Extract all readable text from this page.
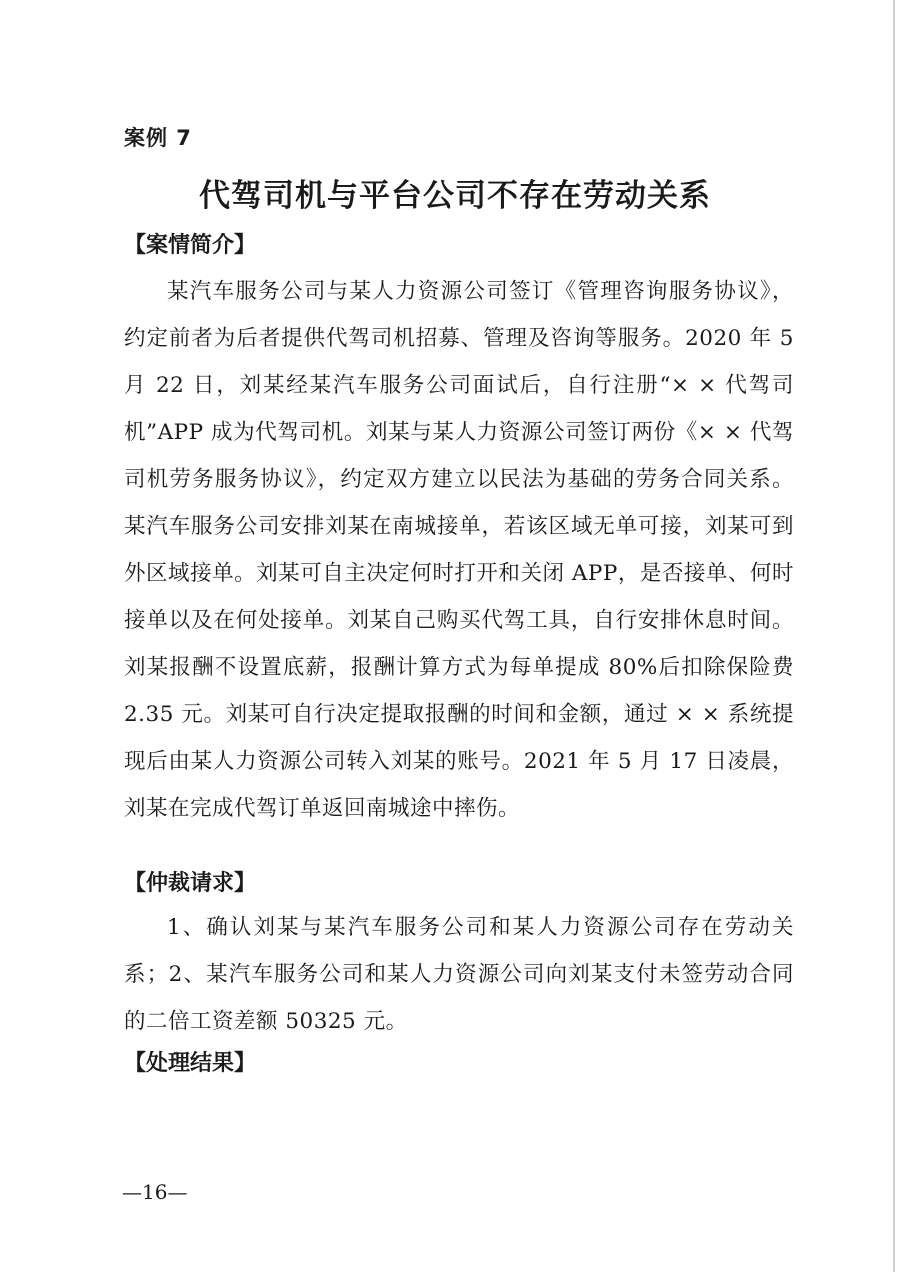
案例 7
代驾司机与平台公司不存在劳动关系
【案情简介】
某汽车服务公司与某人力资源公司签订《管理咨询服务协议》，约定前者为后者提供代驾司机招募、管理及咨询等服务。2020 年 5 月 22 日，刘某经某汽车服务公司面试后，自行注册“× × 代驾司机”APP 成为代驾司机。刘某与某人力资源公司签订两份《× × 代驾司机劳务服务协议》，约定双方建立以民法为基础的劳务合同关系。某汽车服务公司安排刘某在南城接单，若该区域无单可接，刘某可到外区域接单。刘某可自主决定何时打开和关闭 APP，是否接单、何时接单以及在何处接单。刘某自己购买代驾工具，自行安排休息时间。刘某报酬不设置底薪，报酬计算方式为每单提成 80%后扣除保险费 2.35 元。刘某可自行决定提取报酬的时间和金额，通过 × × 系统提现后由某人力资源公司转入刘某的账号。2021 年 5 月 17 日凌晨，刘某在完成代驾订单返回南城途中摔伤。
【仲裁请求】
1、确认刘某与某汽车服务公司和某人力资源公司存在劳动关系；2、某汽车服务公司和某人力资源公司向刘某支付未签劳动合同的二倍工资差额 50325 元。
【处理结果】
—16—
